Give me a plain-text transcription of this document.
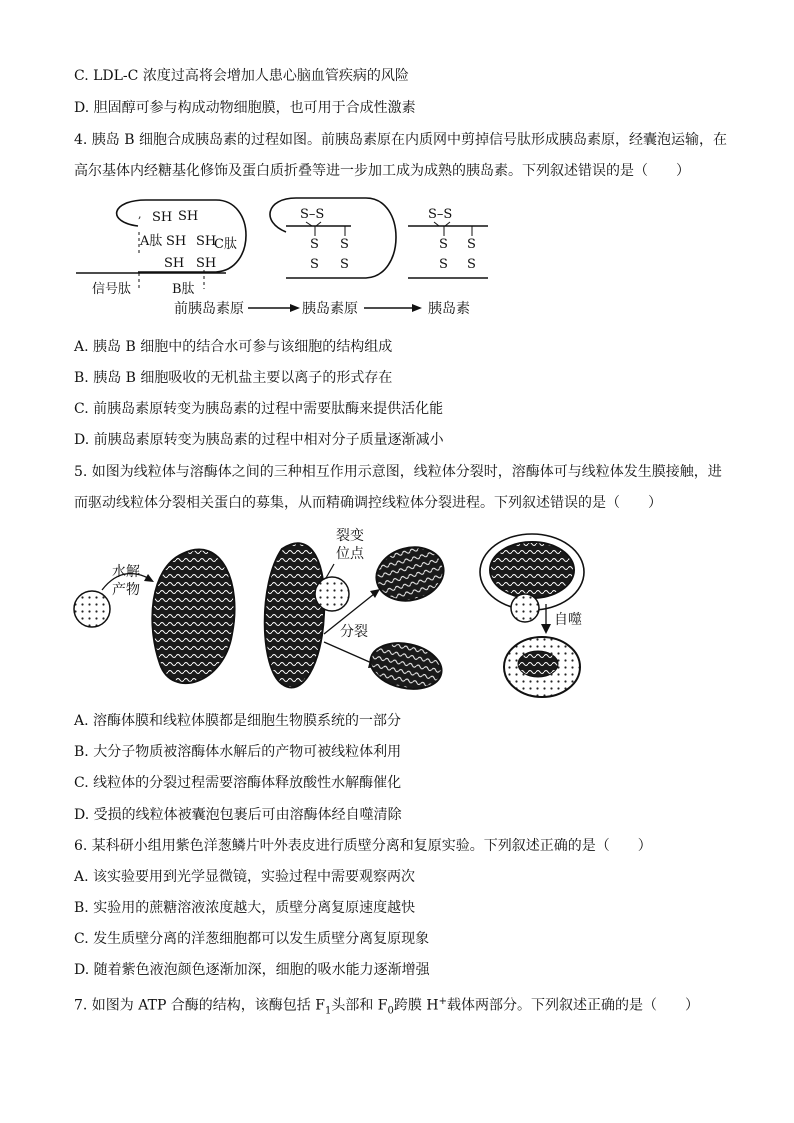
C. LDL-C 浓度过高将会增加人患心脑血管疾病的风险
D. 胆固醇可参与构成动物细胞膜，也可用于合成性激素
4. 胰岛 B 细胞合成胰岛素的过程如图。前胰岛素原在内质网中剪掉信号肽形成胰岛素原，经囊泡运输，在
高尔基体内经糖基化修饰及蛋白质折叠等进一步加工成为成熟的胰岛素。下列叙述错误的是（　　）
, SH SH
A肽 SH SH
C肽
SH SH
信号肽	B肽
S–S
S S
S S
S–S
S S
S S
前胰岛素原	胰岛素原	胰岛素
A. 胰岛 B 细胞中的结合水可参与该细胞的结构组成
B. 胰岛 B 细胞吸收的无机盐主要以离子的形式存在
C. 前胰岛素原转变为胰岛素的过程中需要肽酶来提供活化能
D. 前胰岛素原转变为胰岛素的过程中相对分子质量逐渐减小
5. 如图为线粒体与溶酶体之间的三种相互作用示意图，线粒体分裂时，溶酶体可与线粒体发生膜接触，进
而驱动线粒体分裂相关蛋白的募集，从而精确调控线粒体分裂进程。下列叙述错误的是（　　）
水解
产物
裂变
位点
分裂
自噬
A. 溶酶体膜和线粒体膜都是细胞生物膜系统的一部分
B. 大分子物质被溶酶体水解后的产物可被线粒体利用
C. 线粒体的分裂过程需要溶酶体释放酸性水解酶催化
D. 受损的线粒体被囊泡包裹后可由溶酶体经自噬清除
6. 某科研小组用紫色洋葱鳞片叶外表皮进行质壁分离和复原实验。下列叙述正确的是（　　）
A. 该实验要用到光学显微镜，实验过程中需要观察两次
B. 实验用的蔗糖溶液浓度越大，质壁分离复原速度越快
C. 发生质壁分离的洋葱细胞都可以发生质壁分离复原现象
D. 随着紫色液泡颜色逐渐加深，细胞的吸水能力逐渐增强
7. 如图为 ATP 合酶的结构，该酶包括 $F_1$头部和 $F_0$跨膜 H+载体两部分。下列叙述正确的是（　　）
